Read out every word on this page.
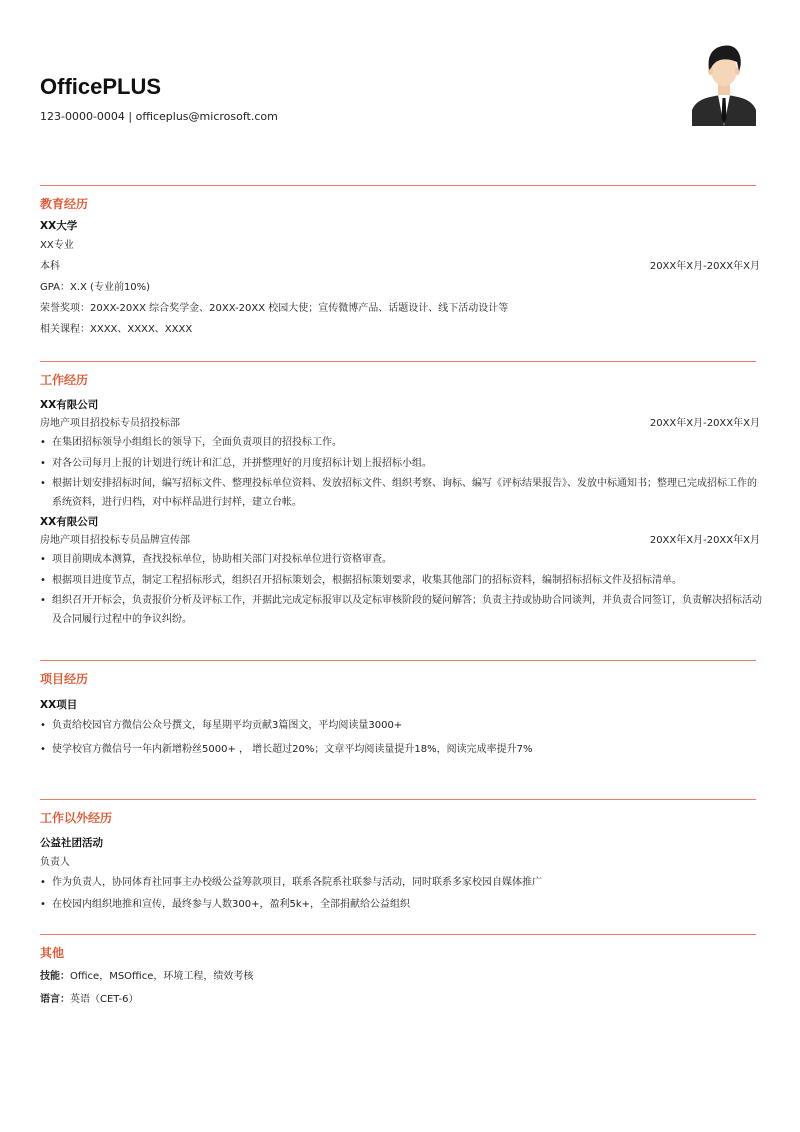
OfficePLUS
123-0000-0004 | officeplus@microsoft.com
教育经历
XX大学
XX专业
本科	20XX年X月-20XX年X月
GPA：X.X (专业前10%)
荣誉奖项：20XX-20XX 综合奖学金、20XX-20XX 校园大使；宣传微博产品、话题设计、线下活动设计等
相关课程：XXXX、XXXX、XXXX
工作经历
XX有限公司
房地产项目招投标专员招投标部	20XX年X月-20XX年X月
• 在集团招标领导小组组长的领导下，全面负责项目的招投标工作。
• 对各公司每月上报的计划进行统计和汇总，并拼整理好的月度招标计划上报招标小组。
• 根据计划安排招标时间，编写招标文件、整理投标单位资料、发放招标文件、组织考察、询标、编写《评标结果报告》、发放中标通知书；整理已完成招标工作的系统资料，进行归档，对中标样品进行封样，建立台帐。
XX有限公司
房地产项目招投标专员品牌宣传部	20XX年X月-20XX年X月
• 项目前期成本测算，查找投标单位，协助相关部门对投标单位进行资格审查。
• 根据项目进度节点，制定工程招标形式，组织召开招标策划会，根据招标策划要求，收集其他部门的招标资料，编制招标招标文件及招标清单。
• 组织召开开标会，负责报价分析及评标工作，并据此完成定标报审以及定标审核阶段的疑问解答；负责主持或协助合同谈判，并负责合同签订，负责解决招标活动及合同履行过程中的争议纠纷。
项目经历
XX项目
• 负责给校园官方微信公众号撰文，每星期平均贡献3篇图文，平均阅读量3000+
• 使学校官方微信号一年内新增粉丝5000+ ， 增长超过20%；文章平均阅读量提升18%，阅读完成率提升7%
工作以外经历
公益社团活动
负责人
• 作为负责人，协同体育社同事主办校级公益筹款项目，联系各院系社联参与活动，同时联系多家校园自媒体推广
• 在校园内组织地推和宣传，最终参与人数300+，盈利5k+，全部捐献给公益组织
其他
技能：Office，MSOffice，环境工程，绩效考核
语言：英语（CET-6）
